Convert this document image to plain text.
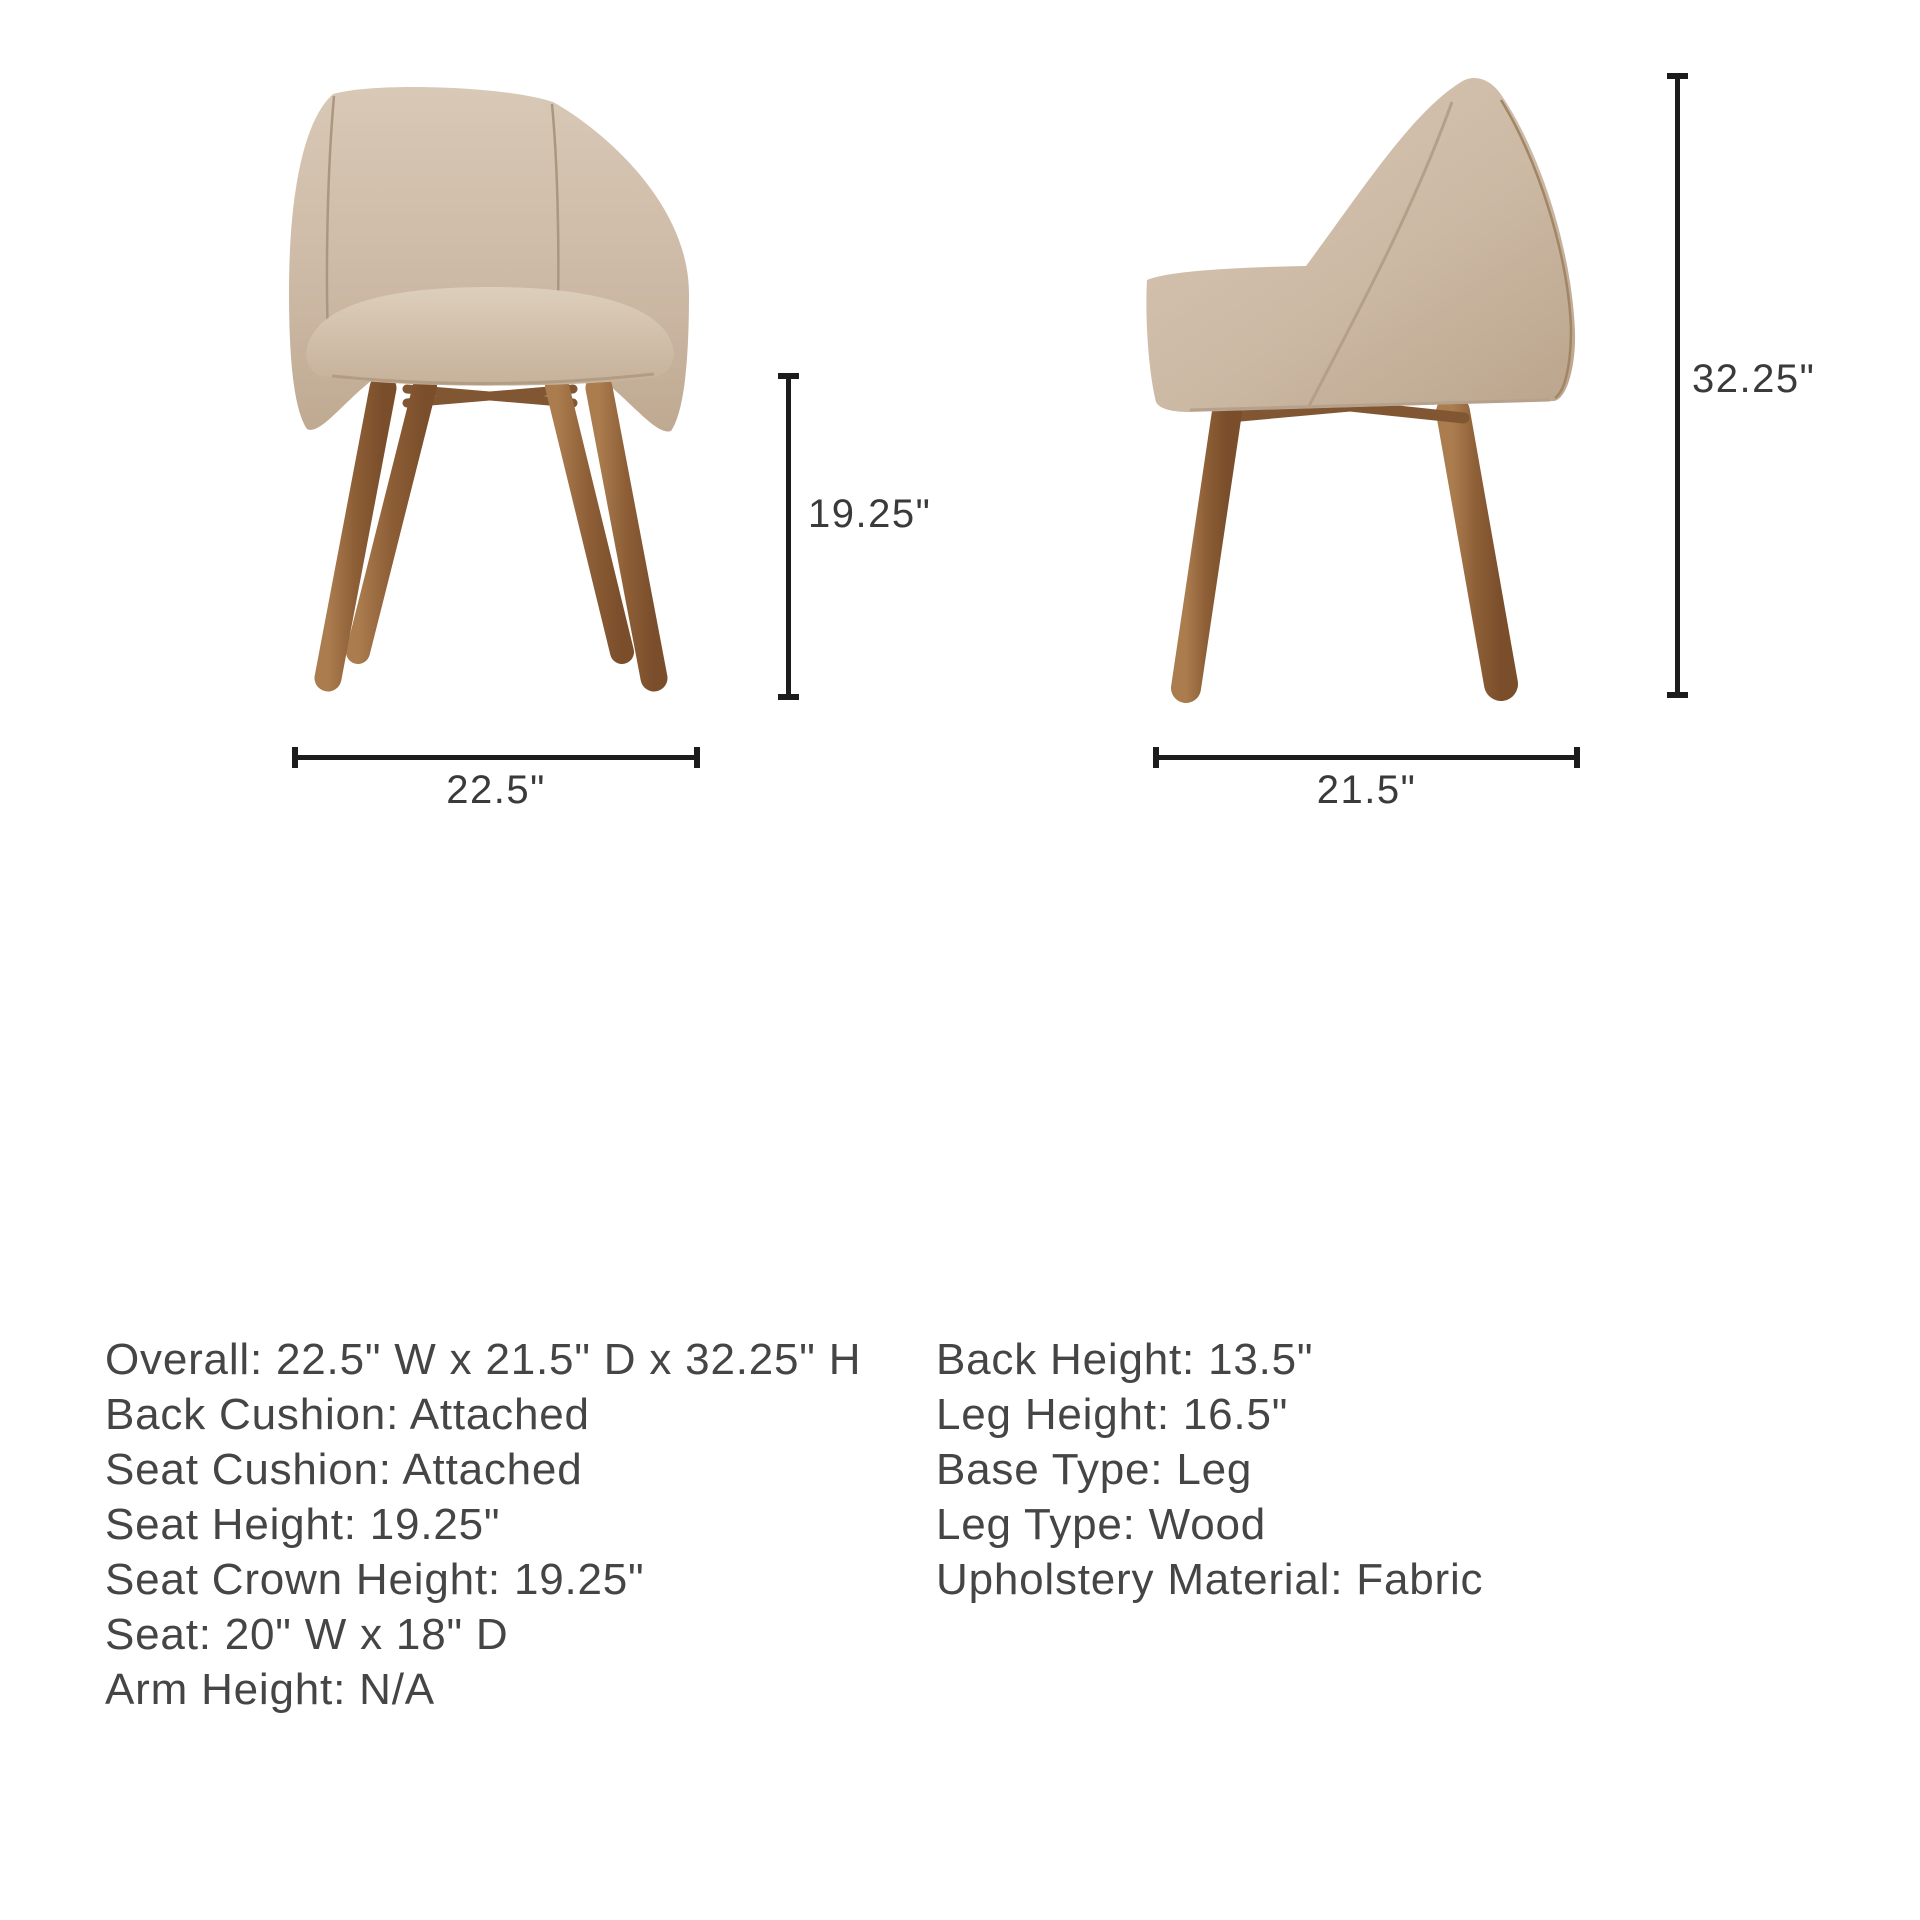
19.25"
22.5"
32.25"
21.5"
Overall: 22.5" W x 21.5" D x 32.25" H
Back Cushion: Attached
Seat Cushion: Attached
Seat Height: 19.25"
Seat Crown Height: 19.25"
Seat: 20" W x 18" D
Arm Height: N/A
Back Height: 13.5"
Leg Height: 16.5"
Base Type: Leg
Leg Type: Wood
Upholstery Material: Fabric
